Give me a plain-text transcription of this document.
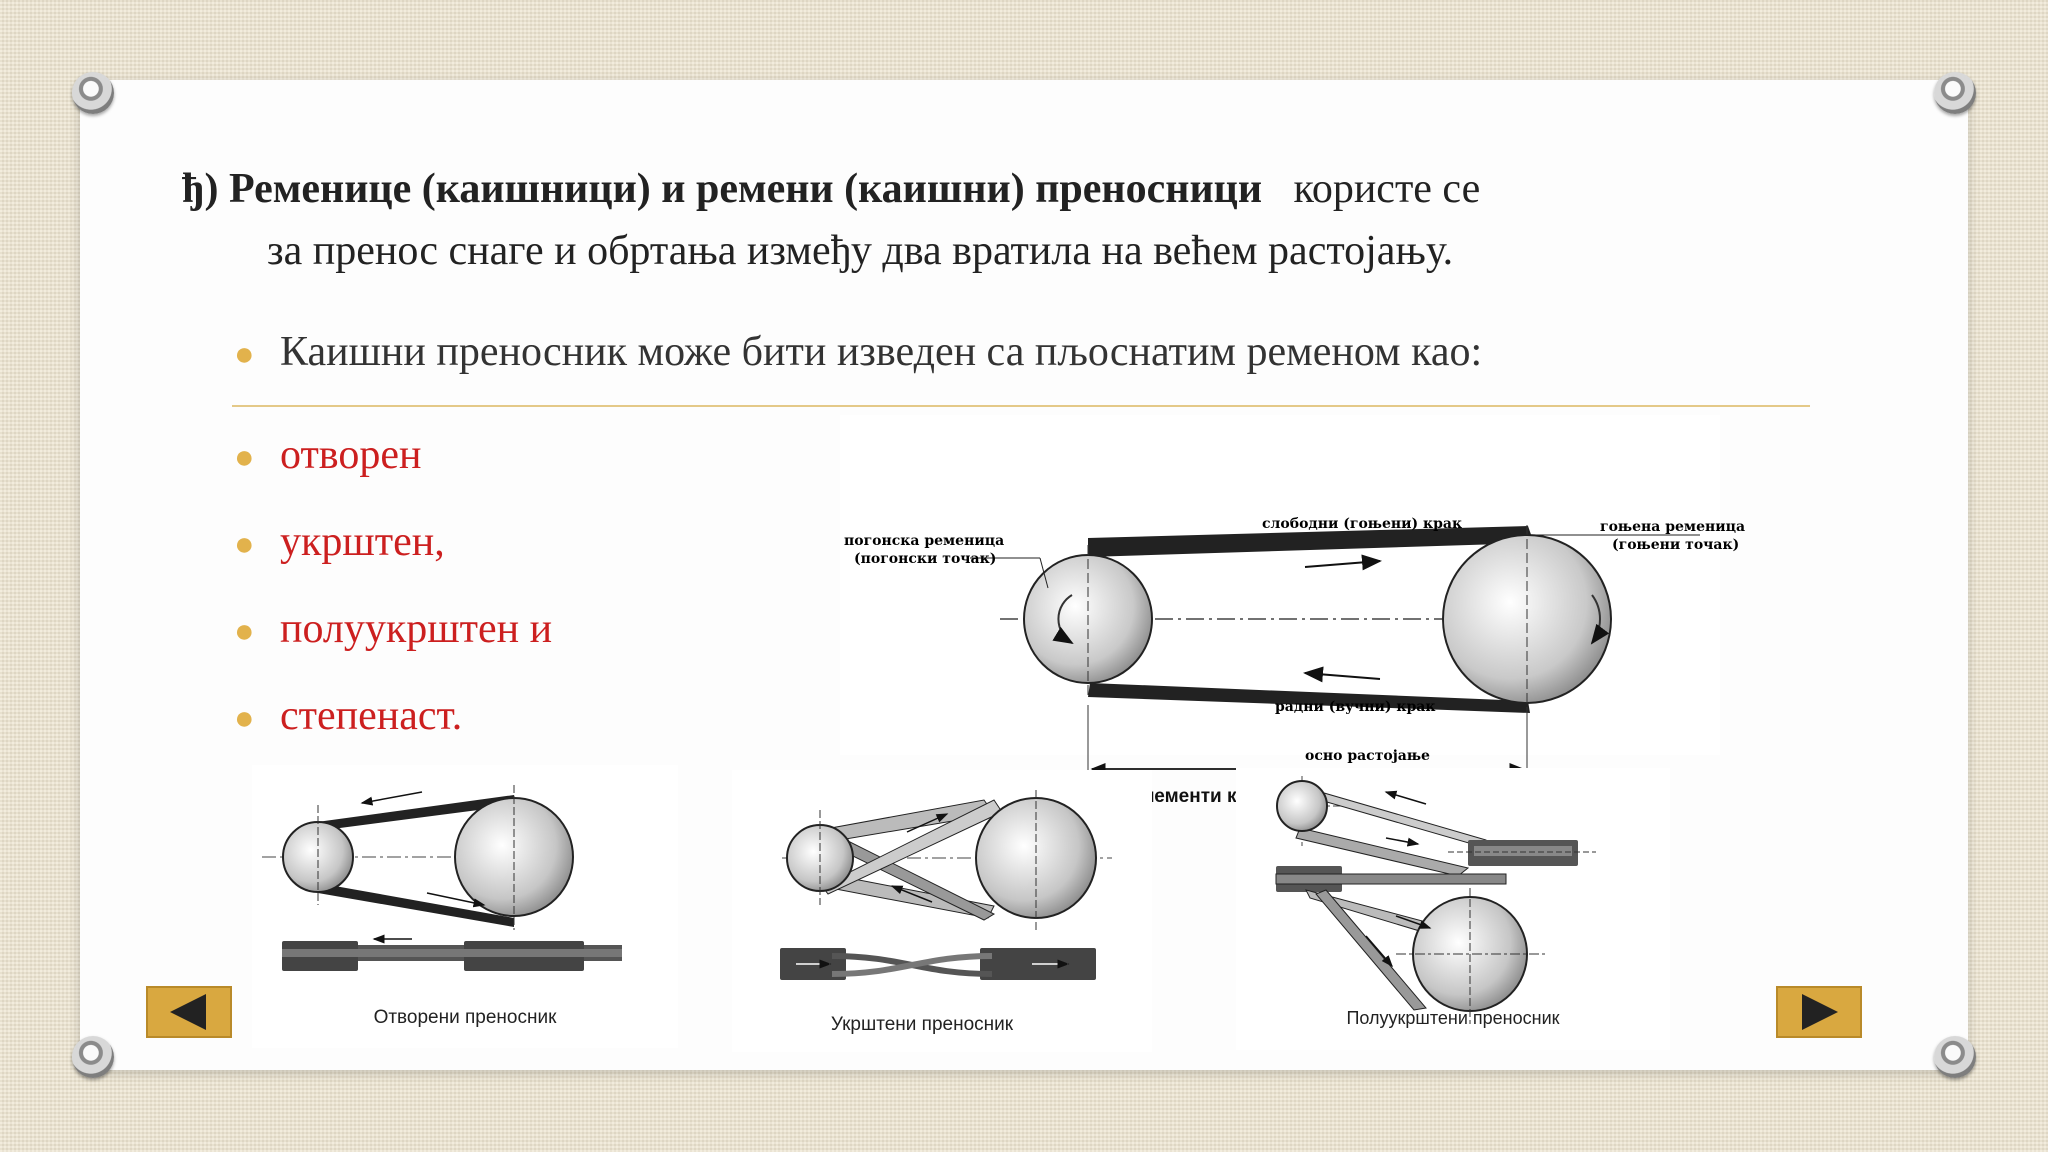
ђ) Ременице (каишници) и ремени (каишни) преносници користе се
за пренос снаге и обртања између два вратила на већем растојању.
● Каишни преносник може бити изведен са пљоснатим ременом као:
● отворен
● укрштен,
● полуукрштен и
● степенаст.
погонска ременица
(погонски точак)
слободни (гоњени) крак	гоњена ременица
(гоњени точак)
радни (вучни) крак
осно растојање
елементи
Отворени преносник	Укрштени преносник	Полуукрштени преносник
